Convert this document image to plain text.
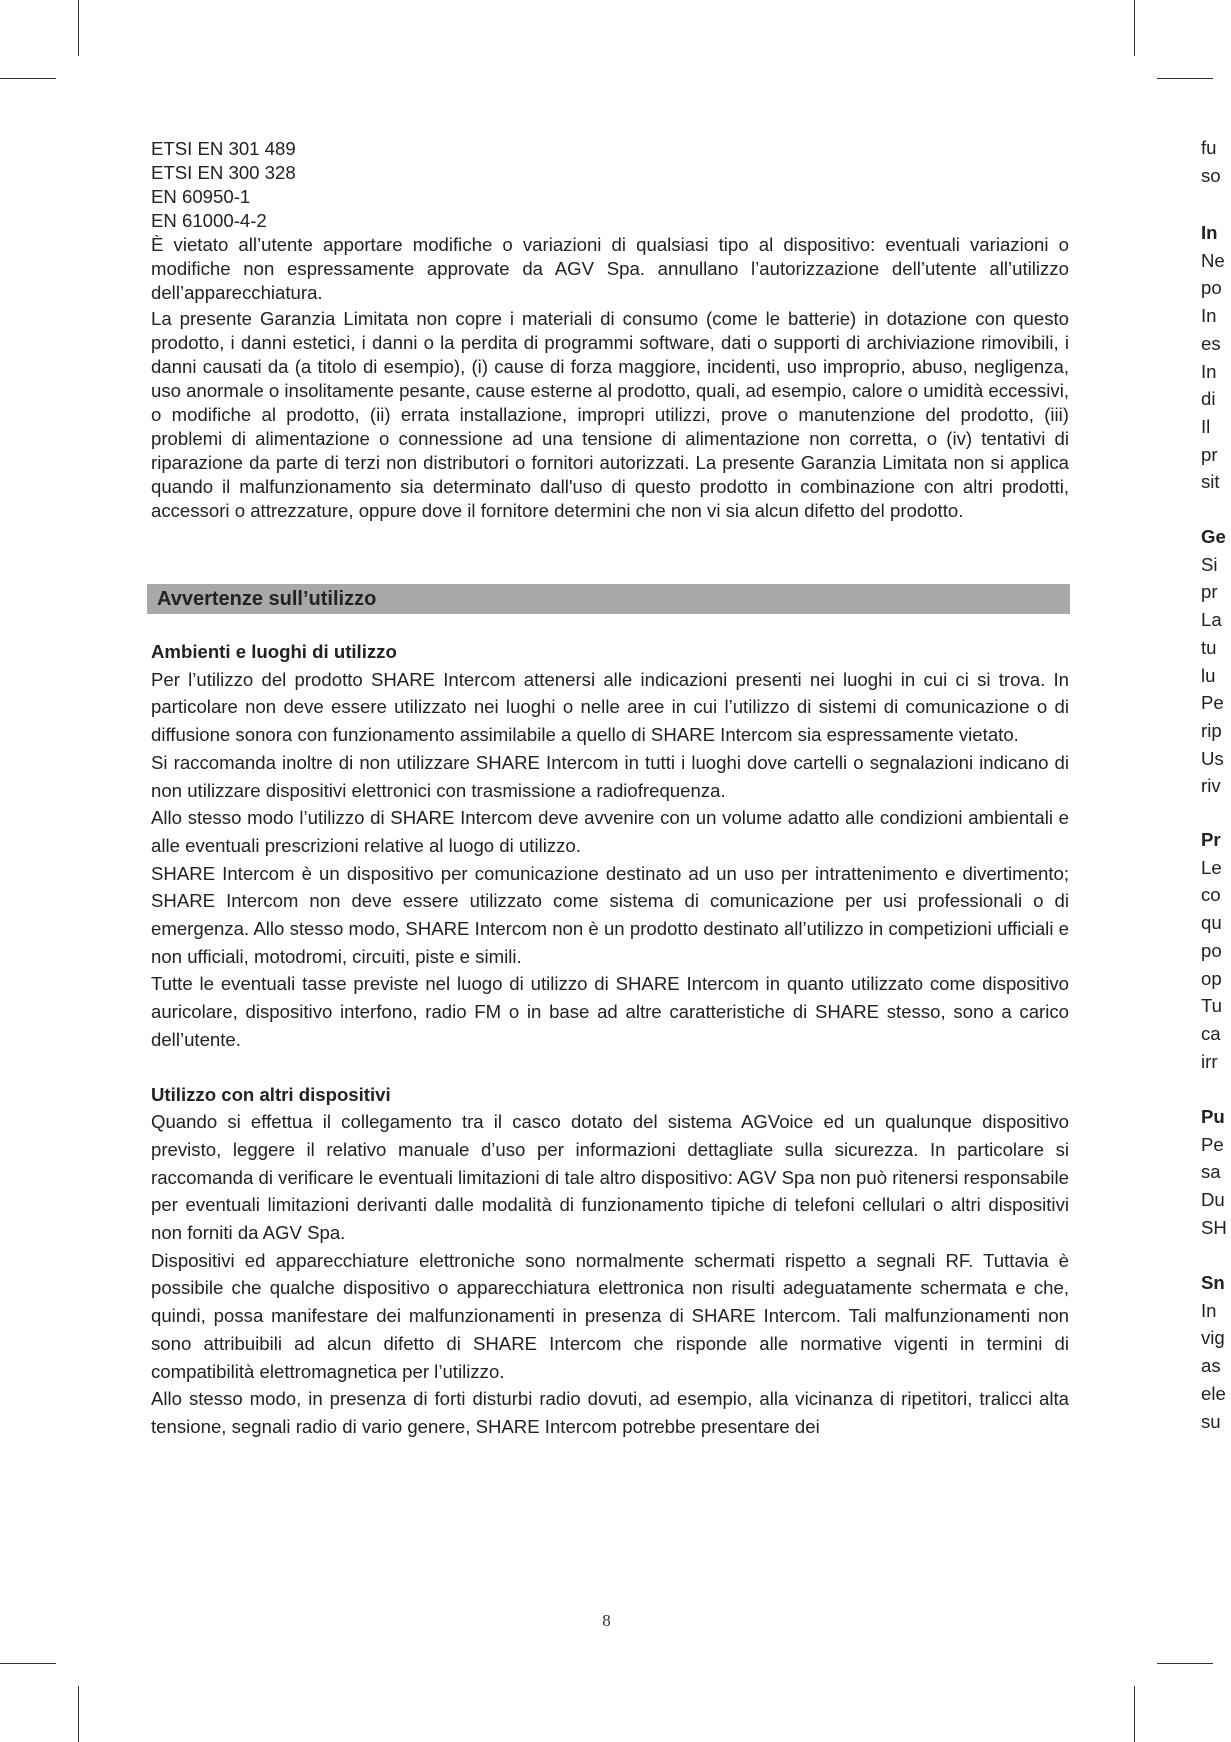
ETSI EN 301 489

ETSI EN 300 328

EN 60950-1

EN 61000-4-2

È vietato all’utente apportare modifiche o variazioni di qualsiasi tipo al dispositivo: eventuali variazioni o modifiche non espressamente approvate da AGV Spa. annullano l’autorizzazione dell’utente all’utilizzo dell’apparecchiatura.

La presente Garanzia Limitata non copre i materiali di consumo (come le batterie) in dotazione con questo prodotto, i danni estetici, i danni o la perdita di programmi software, dati o supporti di archiviazione rimovibili, i danni causati da (a titolo di esempio), (i) cause di forza maggiore, incidenti, uso improprio, abuso, negligenza, uso anormale o insolitamente pesante, cause esterne al prodotto, quali, ad esempio, calore o umidità eccessivi, o modifiche al prodotto, (ii) errata installazione, impropri utilizzi, prove o manutenzione del prodotto, (iii) problemi di alimentazione o connessione ad una tensione di alimentazione non corretta, o (iv) tentativi di riparazione da parte di terzi non distributori o fornitori autorizzati. La presente Garanzia Limitata non si applica quando il malfunzionamento sia determinato dall'uso di questo prodotto in combinazione con altri prodotti, accessori o attrezzature, oppure dove il fornitore determini che non vi sia alcun difetto del prodotto.

Avvertenze sull’utilizzo

Ambienti e luoghi di utilizzo

Per l’utilizzo del prodotto SHARE Intercom attenersi alle indicazioni presenti nei luoghi in cui ci si trova. In particolare non deve essere utilizzato nei luoghi o nelle aree in cui l’utilizzo di sistemi di comunicazione o di diffusione sonora con funzionamento assimilabile a quello di SHARE Intercom sia espressamente vietato.

Si raccomanda inoltre di non utilizzare SHARE Intercom in tutti i luoghi dove cartelli o segnalazioni indicano di non utilizzare dispositivi elettronici con trasmissione a radiofrequenza.

Allo stesso modo l’utilizzo di SHARE Intercom deve avvenire con un volume adatto alle condizioni ambientali e alle eventuali prescrizioni relative al luogo di utilizzo.

SHARE Intercom è un dispositivo per comunicazione destinato ad un uso per intrattenimento e divertimento; SHARE Intercom non deve essere utilizzato come sistema di comunicazione per usi professionali o di emergenza. Allo stesso modo, SHARE Intercom non è un prodotto destinato all’utilizzo in competizioni ufficiali e non ufficiali, motodromi, circuiti, piste e simili.

Tutte le eventuali tasse previste nel luogo di utilizzo di SHARE Intercom in quanto utilizzato come dispositivo auricolare, dispositivo interfono, radio FM o in base ad altre caratteristiche di SHARE stesso, sono a carico dell’utente.

Utilizzo con altri dispositivi

Quando si effettua il collegamento tra il casco dotato del sistema AGVoice ed un qualunque dispositivo previsto, leggere il relativo manuale d’uso per informazioni dettagliate sulla sicurezza. In particolare si raccomanda di verificare le eventuali limitazioni di tale altro dispositivo: AGV Spa non può ritenersi responsabile per eventuali limitazioni derivanti dalle modalità di funzionamento tipiche di telefoni cellulari o altri dispositivi non forniti da AGV Spa.

Dispositivi ed apparecchiature elettroniche sono normalmente schermati rispetto a segnali RF. Tuttavia è possibile che qualche dispositivo o apparecchiatura elettronica non risulti adeguatamente schermata e che, quindi, possa manifestare dei malfunzionamenti in presenza di SHARE Intercom. Tali malfunzionamenti non sono attribuibili ad alcun difetto di SHARE Intercom che risponde alle normative vigenti in termini di compatibilità elettromagnetica per l’utilizzo.

Allo stesso modo, in presenza di forti disturbi radio dovuti, ad esempio, alla vicinanza di ripetitori, tralicci alta tensione, segnali radio di vario genere, SHARE Intercom potrebbe presentare dei

fu
so
In
Ne
po
In
es
In
di
Il
pr
sit
Ge
Si
pr
La
tu
lu
Pe
rip
Us
riv
Pr
Le
co
qu
po
op
Tu
ca
irr
Pu
Pe
sa
Du
SH
Sn
In
vig
as
ele
su
8
